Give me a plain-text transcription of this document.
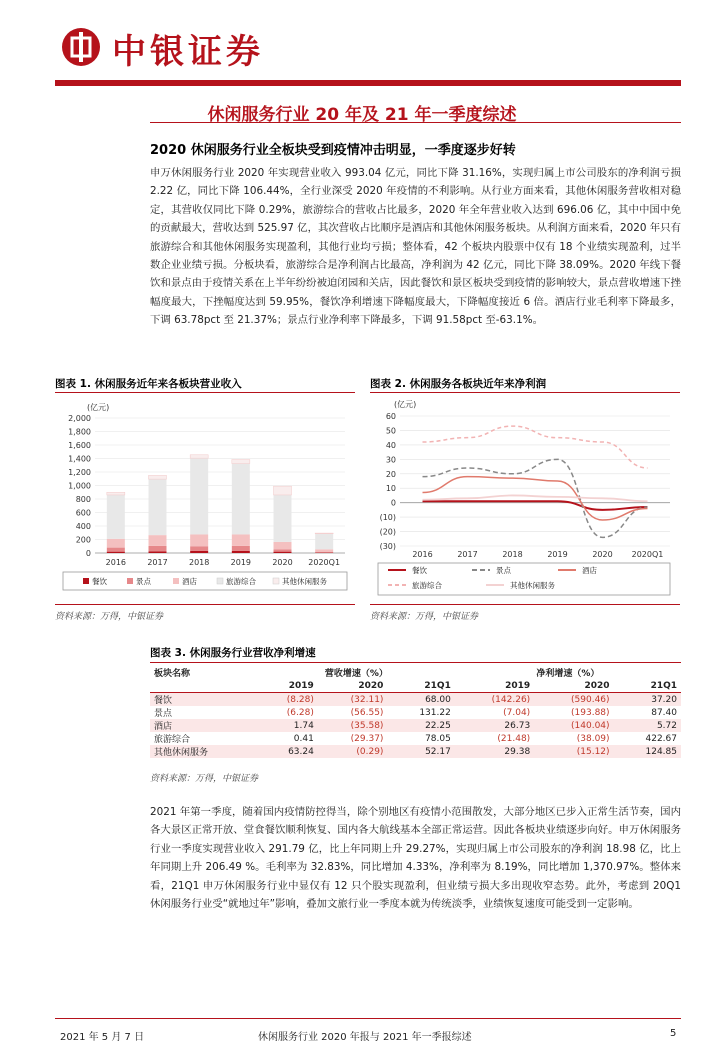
中银证券
休闲服务行业 20 年及 21 年一季度综述
2020 休闲服务行业全板块受到疫情冲击明显，一季度逐步好转
申万休闲服务行业 2020 年实现营业收入 993.04 亿元，同比下降 31.16%，实现归属上市公司股东的净利润亏损 2.22 亿，同比下降 106.44%，全行业深受 2020 年疫情的不利影响。从行业方面来看，其他休闲服务营收相对稳定，其营收仅同比下降 0.29%，旅游综合的营收占比最多，2020 年全年营业收入达到 696.06 亿，其中中国中免的贡献最大，营收达到 525.97 亿，其次营收占比顺序是酒店和其他休闲服务板块。从利润方面来看，2020 年只有旅游综合和其他休闲服务实现盈利，其他行业均亏损；整体看，42 个板块内股票中仅有 18 个业绩实现盈利，过半数企业业绩亏损。分板块看，旅游综合是净利润占比最高，净利润为 42 亿元，同比下降 38.09%。2020 年线下餐饮和景点由于疫情关系在上半年纷纷被迫闭园和关店，因此餐饮和景区板块受到疫情的影响较大，景点营收增速下挫幅度最大，下挫幅度达到 59.95%，餐饮净利增速下降幅度最大，下降幅度接近 6 倍。酒店行业毛利率下降最多，下调 63.78pct 至 21.37%；景点行业净利率下降最多，下调 91.58pct 至-63.1%。
图表 1. 休闲服务近年来各板块营业收入
(亿元)
0
200
400
600
800
1,000
1,200
1,400
1,600
1,800
2,000
2016	2017	2018	2019	2020 2020Q1
餐饮	景点	酒店	旅游综合	其他休闲服务
资料来源：万得，中银证券
图表 2. 休闲服务各板块近年来净利润
(亿元)
(30)
(20)
(10)
0
10
20
30
40
50
60
2016	2017	2018	2019	2020 2020Q1
餐饮	景点	酒店
旅游综合	其他休闲服务
资料来源：万得，中银证券
图表 3. 休闲服务行业营收净利增速
板块名称	营收增速（%）			净利增速（%）		
	2019	2020	21Q1	2019	2020	21Q1
餐饮	(8.28)	(32.11)	68.00	(142.26)	(590.46)	37.20
景点	(6.28)	(56.55)	131.22	(7.04)	(193.88)	87.40
酒店	1.74	(35.58)	22.25	26.73	(140.04)	5.72
旅游综合	0.41	(29.37)	78.05	(21.48)	(38.09)	422.67
其他休闲服务	63.24	(0.29)	52.17	29.38	(15.12)	124.85
资料来源：万得，中银证券
2021 年第一季度，随着国内疫情防控得当，除个别地区有疫情小范围散发，大部分地区已步入正常生活节奏，国内各大景区正常开放、堂食餐饮顺利恢复、国内各大航线基本全部正常运营。因此各板块业绩逐步向好。申万休闲服务行业一季度实现营业收入 291.79 亿，比上年同期上升 29.27%，实现归属上市公司股东的净利润 18.98 亿，比上年同期上升 206.49 %。毛利率为 32.83%，同比增加 4.33%，净利率为 8.19%，同比增加 1,370.97%。整体来看，21Q1 申万休闲服务行业中显仅有 12 只个股实现盈利，但业绩亏损大多出现收窄态势。此外，考虑到 20Q1 休闲服务行业受“就地过年”影响，叠加文旅行业一季度本就为传统淡季，业绩恢复速度可能受到一定影响。
2021 年 5 月 7 日	休闲服务行业 2020 年报与 2021 年一季报综述	5
